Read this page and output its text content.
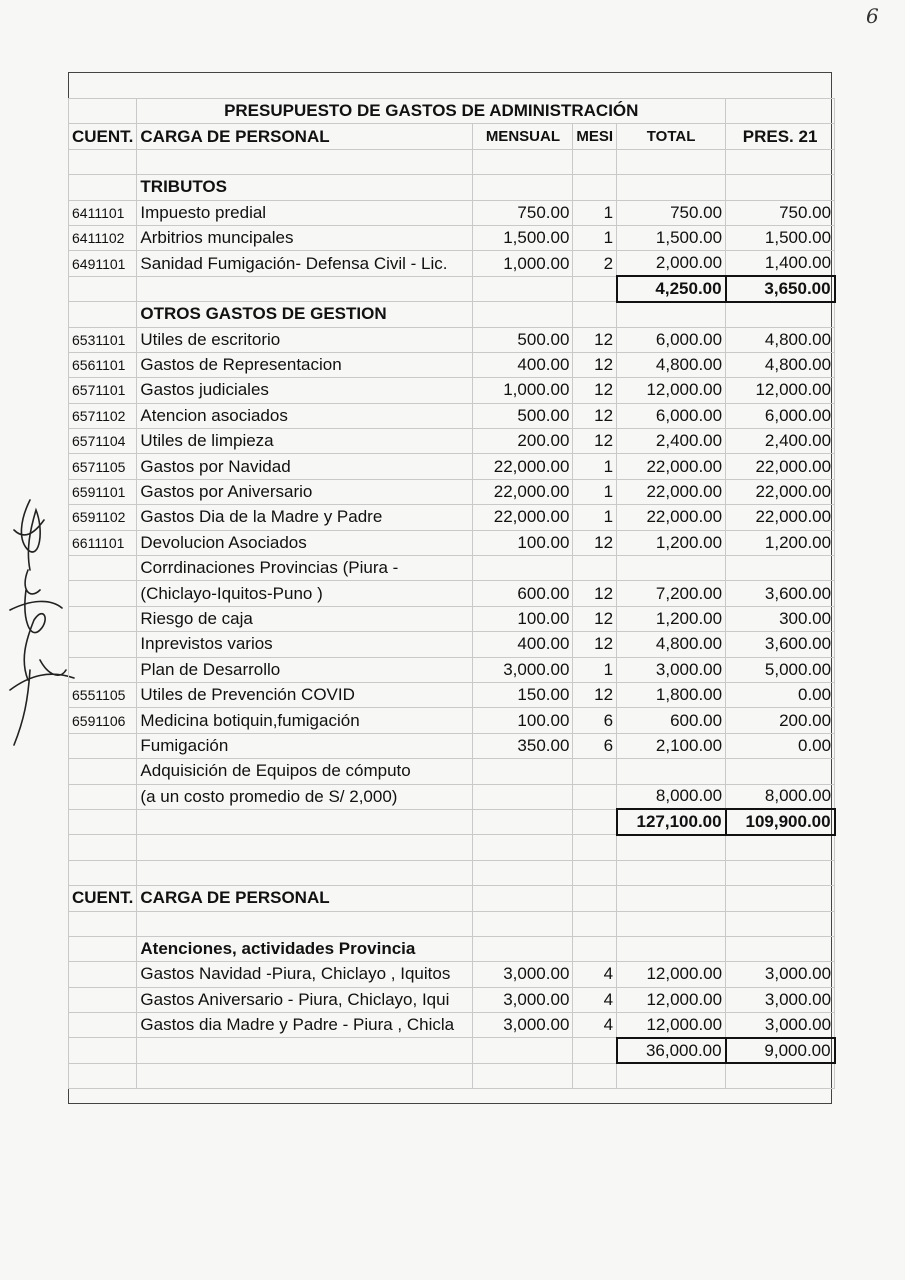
6
	PRESUPUESTO DE GASTOS DE ADMINISTRACIÓN				
CUENT.	CARGA DE PERSONAL	MENSUAL	MESI	TOTAL	PRES. 21

	TRIBUTOS				
6411101	Impuesto predial	750.00	1	750.00	750.00
6411102	Arbitrios muncipales	1,500.00	1	1,500.00	1,500.00
6491101	Sanidad Fumigación- Defensa Civil - Lic.	1,000.00	2	2,000.00	1,400.00
				4,250.00	3,650.00
	OTROS GASTOS DE GESTION				
6531101	Utiles de escritorio	500.00	12	6,000.00	4,800.00
6561101	Gastos de Representacion	400.00	12	4,800.00	4,800.00
6571101	Gastos judiciales	1,000.00	12	12,000.00	12,000.00
6571102	Atencion asociados	500.00	12	6,000.00	6,000.00
6571104	Utiles de limpieza	200.00	12	2,400.00	2,400.00
6571105	Gastos por Navidad	22,000.00	1	22,000.00	22,000.00
6591101	Gastos por Aniversario	22,000.00	1	22,000.00	22,000.00
6591102	Gastos Dia de la Madre y Padre	22,000.00	1	22,000.00	22,000.00
6611101	Devolucion Asociados	100.00	12	1,200.00	1,200.00
	Corrdinaciones Provincias (Piura -				
	(Chiclayo-Iquitos-Puno )	600.00	12	7,200.00	3,600.00
	Riesgo de caja	100.00	12	1,200.00	300.00
	Inprevistos varios	400.00	12	4,800.00	3,600.00
	Plan de Desarrollo	3,000.00	1	3,000.00	5,000.00
6551105	Utiles de Prevención COVID	150.00	12	1,800.00	0.00
6591106	Medicina botiquin,fumigación	100.00	6	600.00	200.00
	Fumigación	350.00	6	2,100.00	0.00
	Adquisición de Equipos de cómputo				
	(a un costo promedio de S/ 2,000)			8,000.00	8,000.00
				127,100.00	109,900.00

CUENT.	CARGA DE PERSONAL				

	Atenciones, actividades Provincia				
	Gastos Navidad -Piura, Chiclayo , Iquitos	3,000.00	4	12,000.00	3,000.00
	Gastos Aniversario - Piura, Chiclayo, Iqui	3,000.00	4	12,000.00	3,000.00
	Gastos dia Madre y Padre - Piura , Chicla	3,000.00	4	12,000.00	3,000.00
				36,000.00	9,000.00
